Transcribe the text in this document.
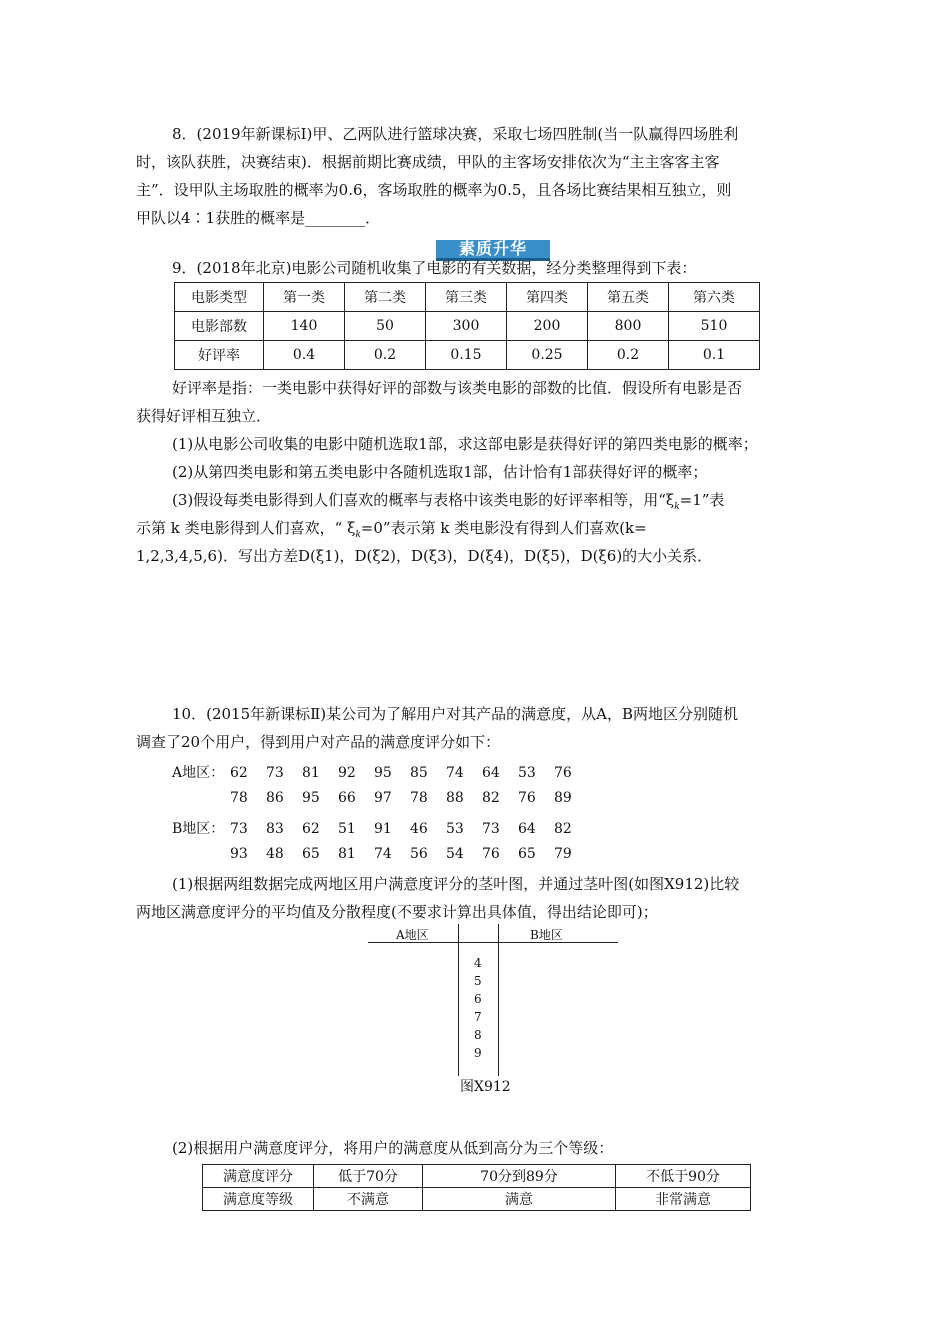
8．(2019年新课标Ⅰ)甲、乙两队进行篮球决赛，采取七场四胜制(当一队赢得四场胜利
时，该队获胜，决赛结束)．根据前期比赛成绩，甲队的主客场安排依次为“主主客客主客
主”．设甲队主场取胜的概率为0.6，客场取胜的概率为0.5，且各场比赛结果相互独立，则
甲队以4∶1获胜的概率是________．
素质升华
9．(2018年北京)电影公司随机收集了电影的有关数据，经分类整理得到下表：
电影类型	第一类	第二类	第三类	第四类	第五类	第六类
电影部数	140	50	300	200	800	510
好评率	0.4	0.2	0.15	0.25	0.2	0.1
好评率是指：一类电影中获得好评的部数与该类电影的部数的比值．假设所有电影是否
获得好评相互独立．
(1)从电影公司收集的电影中随机选取1部，求这部电影是获得好评的第四类电影的概率；
(2)从第四类电影和第五类电影中各随机选取1部，估计恰有1部获得好评的概率；
(3)假设每类电影得到人们喜欢的概率与表格中该类电影的好评率相等，用“$\xi_k=1$”表
示第 k 类电影得到人们喜欢，“ $\xi_k=0$”表示第 k 类电影没有得到人们喜欢(k=
1,2,3,4,5,6)．写出方差D(ξ1)，D(ξ2)，D(ξ3)，D(ξ4)，D(ξ5)，D(ξ6)的大小关系．
10．(2015年新课标Ⅱ)某公司为了解用户对其产品的满意度，从A，B两地区分别随机
调查了20个用户，得到用户对产品的满意度评分如下：
A地区： 62 73 81 92 95 85 74 64 53 76
78 86 95 66 97 78 88 82 76 89
B地区： 73 83 62 51 91 46 53 73 64 82
93 48 65 81 74 56 54 76 65 79
(1)根据两组数据完成两地区用户满意度评分的茎叶图，并通过茎叶图(如图X912)比较
两地区满意度评分的平均值及分散程度(不要求计算出具体值，得出结论即可)；
A地区	B地区
4
5
6
7
8
9
图X912
(2)根据用户满意度评分，将用户的满意度从低到高分为三个等级：
满意度评分	低于70分	70分到89分	不低于90分
满意度等级	不满意	满意	非常满意
